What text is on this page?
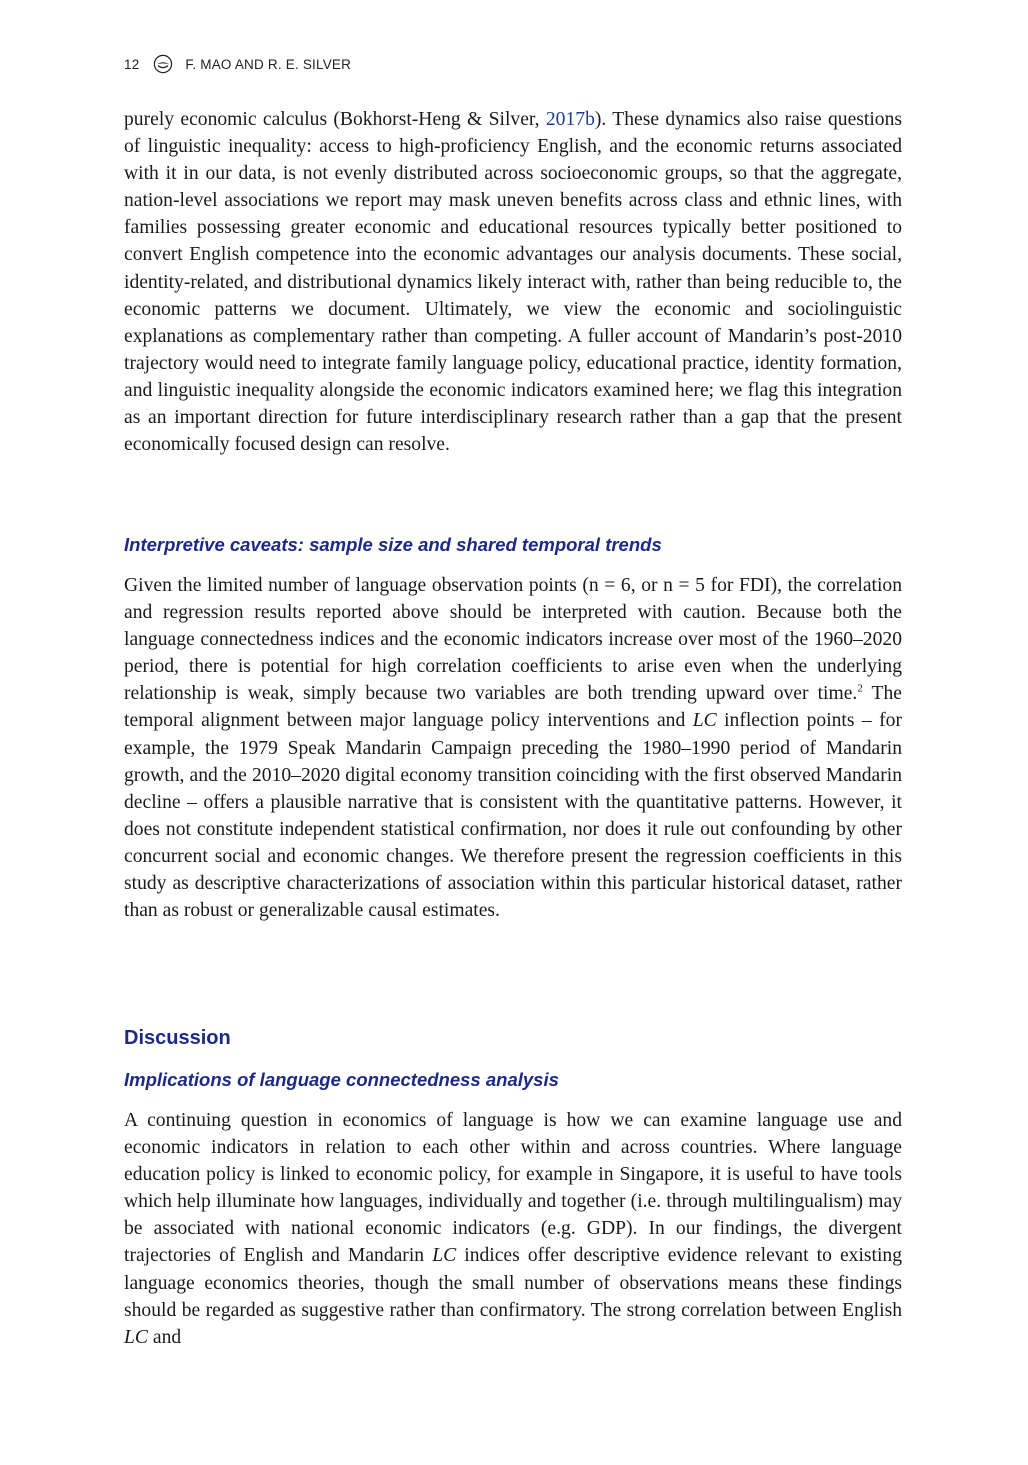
12	F. MAO AND R. E. SILVER

purely economic calculus (Bokhorst-Heng & Silver, 2017b). These dynamics also raise questions of linguistic inequality: access to high-proficiency English, and the economic returns associated with it in our data, is not evenly distributed across socioeconomic groups, so that the aggregate, nation-level associations we report may mask uneven benefits across class and ethnic lines, with families possessing greater economic and educational resources typically better positioned to convert English competence into the economic advantages our analysis documents. These social, identity-related, and distributional dynamics likely interact with, rather than being reducible to, the economic patterns we document. Ultimately, we view the economic and sociolinguistic explanations as complementary rather than competing. A fuller account of Mandarin’s post-2010 trajectory would need to integrate family language policy, educational practice, identity formation, and linguistic inequality alongside the economic indicators examined here; we flag this integration as an important direction for future interdisciplinary research rather than a gap that the present economically focused design can resolve.

Interpretive caveats: sample size and shared temporal trends

Given the limited number of language observation points (n = 6, or n = 5 for FDI), the correlation and regression results reported above should be interpreted with caution. Because both the language connectedness indices and the economic indicators increase over most of the 1960–2020 period, there is potential for high correlation coefficients to arise even when the underlying relationship is weak, simply because two variables are both trending upward over time.$^2$ The temporal alignment between major language policy interventions and LC inflection points – for example, the 1979 Speak Mandarin Campaign preceding the 1980–1990 period of Mandarin growth, and the 2010–2020 digital economy transition coinciding with the first observed Mandarin decline – offers a plausible narrative that is consistent with the quantitative patterns. However, it does not constitute independent statistical confirmation, nor does it rule out confounding by other concurrent social and economic changes. We therefore present the regression coefficients in this study as descriptive characterizations of association within this particular historical dataset, rather than as robust or generalizable causal estimates.

Discussion
Implications of language connectedness analysis

A continuing question in economics of language is how we can examine language use and economic indicators in relation to each other within and across countries. Where language education policy is linked to economic policy, for example in Singapore, it is useful to have tools which help illuminate how languages, individually and together (i.e. through multilingualism) may be associated with national economic indicators (e.g. GDP). In our findings, the divergent trajectories of English and Mandarin LC indices offer descriptive evidence relevant to existing language economics theories, though the small number of observations means these findings should be regarded as suggestive rather than confirmatory. The strong correlation between English LC and
